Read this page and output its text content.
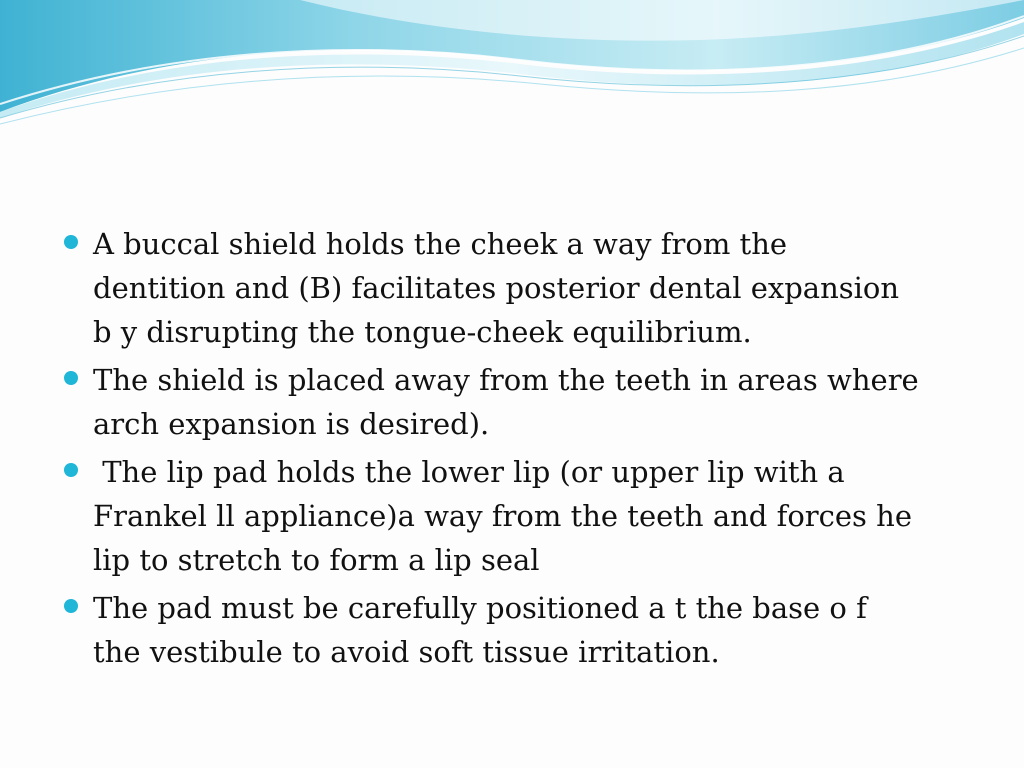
A buccal shield holds the cheek a way from the
dentition and (B) facilitates posterior dental expansion
b y disrupting the tongue-cheek equilibrium.
The shield is placed away from the teeth in areas where
arch expansion is desired).
The lip pad holds the lower lip (or upper lip with a
Frankel ll appliance)a way from the teeth and forces he
lip to stretch to form a lip seal
The pad must be carefully positioned a t the base o f
the vestibule to avoid soft tissue irritation.
